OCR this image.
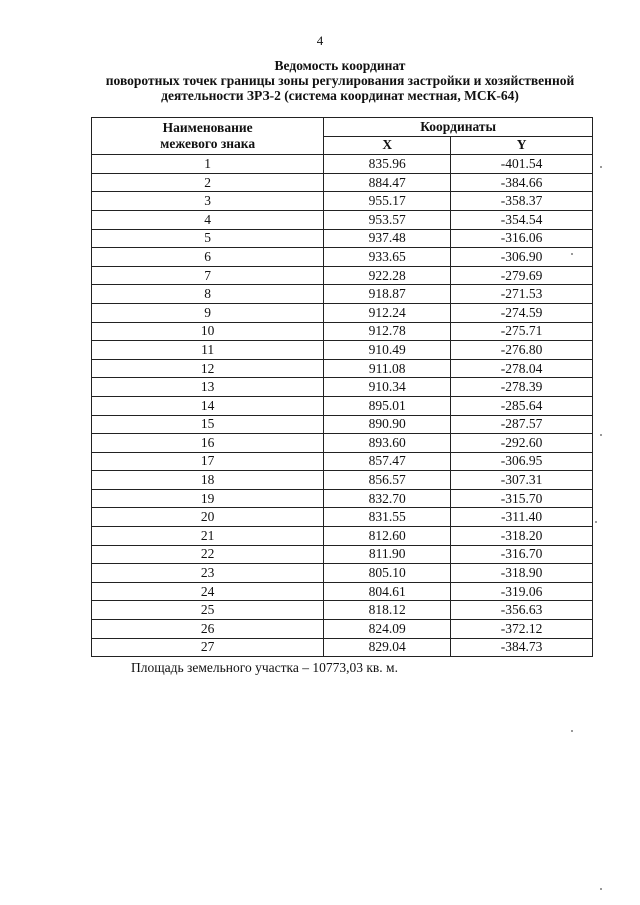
4
Ведомость координат
поворотных точек границы зоны регулирования застройки и хозяйственной
деятельности ЗРЗ-2 (система координат местная, МСК-64)
Наименование
межевого знака	Координаты	
	X	Y
1	835.96	-401.54
2	884.47	-384.66
3	955.17	-358.37
4	953.57	-354.54
5	937.48	-316.06
6	933.65	-306.90
7	922.28	-279.69
8	918.87	-271.53
9	912.24	-274.59
10	912.78	-275.71
11	910.49	-276.80
12	911.08	-278.04
13	910.34	-278.39
14	895.01	-285.64
15	890.90	-287.57
16	893.60	-292.60
17	857.47	-306.95
18	856.57	-307.31
19	832.70	-315.70
20	831.55	-311.40
21	812.60	-318.20
22	811.90	-316.70
23	805.10	-318.90
24	804.61	-319.06
25	818.12	-356.63
26	824.09	-372.12
27	829.04	-384.73
Площадь земельного участка – 10773,03 кв. м.
